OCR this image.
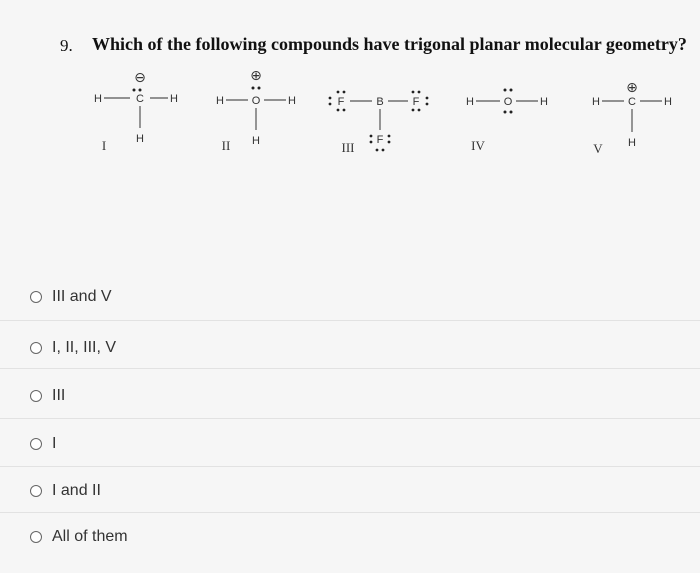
9. Which of the following compounds have trigonal planar molecular geometry?
⊖
H	C H
H
I
⊕
H	O	H
H
II
F	B	F
F
III
H	O	H
IV
⊕
H	C	H
H
V
III and V
I, II, III, V
III
I
I and II
All of them
